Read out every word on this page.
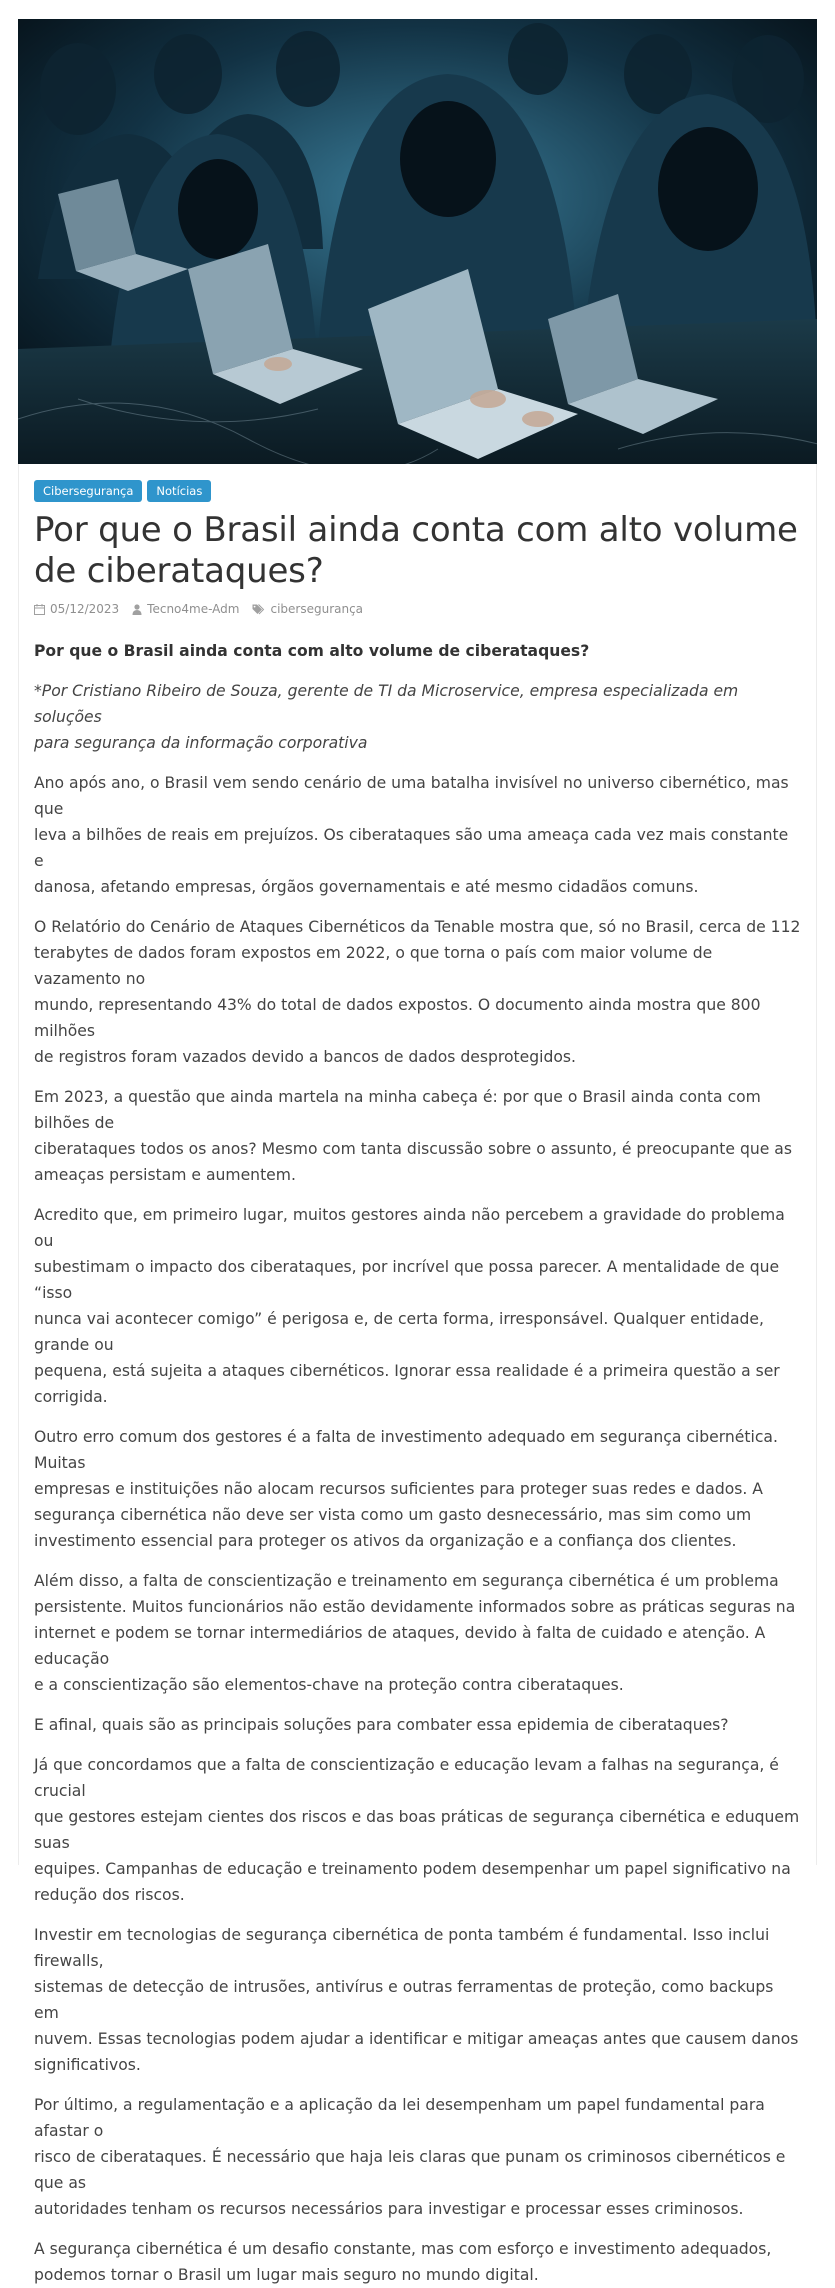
Cibersegurança	Notícias
Por que o Brasil ainda conta com alto volume de ciberataques?
05/12/2023 Tecno4me-Adm	cibersegurança

Por que o Brasil ainda conta com alto volume de ciberataques?

*Por Cristiano Ribeiro de Souza, gerente de TI da Microservice, empresa especializada em soluções
para segurança da informação corporativa

Ano após ano, o Brasil vem sendo cenário de uma batalha invisível no universo cibernético, mas que
leva a bilhões de reais em prejuízos. Os ciberataques são uma ameaça cada vez mais constante e
danosa, afetando empresas, órgãos governamentais e até mesmo cidadãos comuns.

O Relatório do Cenário de Ataques Cibernéticos da Tenable mostra que, só no Brasil, cerca de 112
terabytes de dados foram expostos em 2022, o que torna o país com maior volume de vazamento no
mundo, representando 43% do total de dados expostos. O documento ainda mostra que 800 milhões
de registros foram vazados devido a bancos de dados desprotegidos.

Em 2023, a questão que ainda martela na minha cabeça é: por que o Brasil ainda conta com bilhões de
ciberataques todos os anos? Mesmo com tanta discussão sobre o assunto, é preocupante que as
ameaças persistam e aumentem.

Acredito que, em primeiro lugar, muitos gestores ainda não percebem a gravidade do problema ou
subestimam o impacto dos ciberataques, por incrível que possa parecer. A mentalidade de que “isso
nunca vai acontecer comigo” é perigosa e, de certa forma, irresponsável. Qualquer entidade, grande ou
pequena, está sujeita a ataques cibernéticos. Ignorar essa realidade é a primeira questão a ser
corrigida.

Outro erro comum dos gestores é a falta de investimento adequado em segurança cibernética. Muitas
empresas e instituições não alocam recursos suficientes para proteger suas redes e dados. A
segurança cibernética não deve ser vista como um gasto desnecessário, mas sim como um
investimento essencial para proteger os ativos da organização e a confiança dos clientes.

Além disso, a falta de conscientização e treinamento em segurança cibernética é um problema
persistente. Muitos funcionários não estão devidamente informados sobre as práticas seguras na
internet e podem se tornar intermediários de ataques, devido à falta de cuidado e atenção. A educação
e a conscientização são elementos-chave na proteção contra ciberataques.

E afinal, quais são as principais soluções para combater essa epidemia de ciberataques?

Já que concordamos que a falta de conscientização e educação levam a falhas na segurança, é crucial
que gestores estejam cientes dos riscos e das boas práticas de segurança cibernética e eduquem suas
equipes. Campanhas de educação e treinamento podem desempenhar um papel significativo na
redução dos riscos.

Investir em tecnologias de segurança cibernética de ponta também é fundamental. Isso inclui firewalls,
sistemas de detecção de intrusões, antivírus e outras ferramentas de proteção, como backups em
nuvem. Essas tecnologias podem ajudar a identificar e mitigar ameaças antes que causem danos
significativos.

Por último, a regulamentação e a aplicação da lei desempenham um papel fundamental para afastar o
risco de ciberataques. É necessário que haja leis claras que punam os criminosos cibernéticos e que as
autoridades tenham os recursos necessários para investigar e processar esses criminosos.

A segurança cibernética é um desafio constante, mas com esforço e investimento adequados,
podemos tornar o Brasil um lugar mais seguro no mundo digital.
